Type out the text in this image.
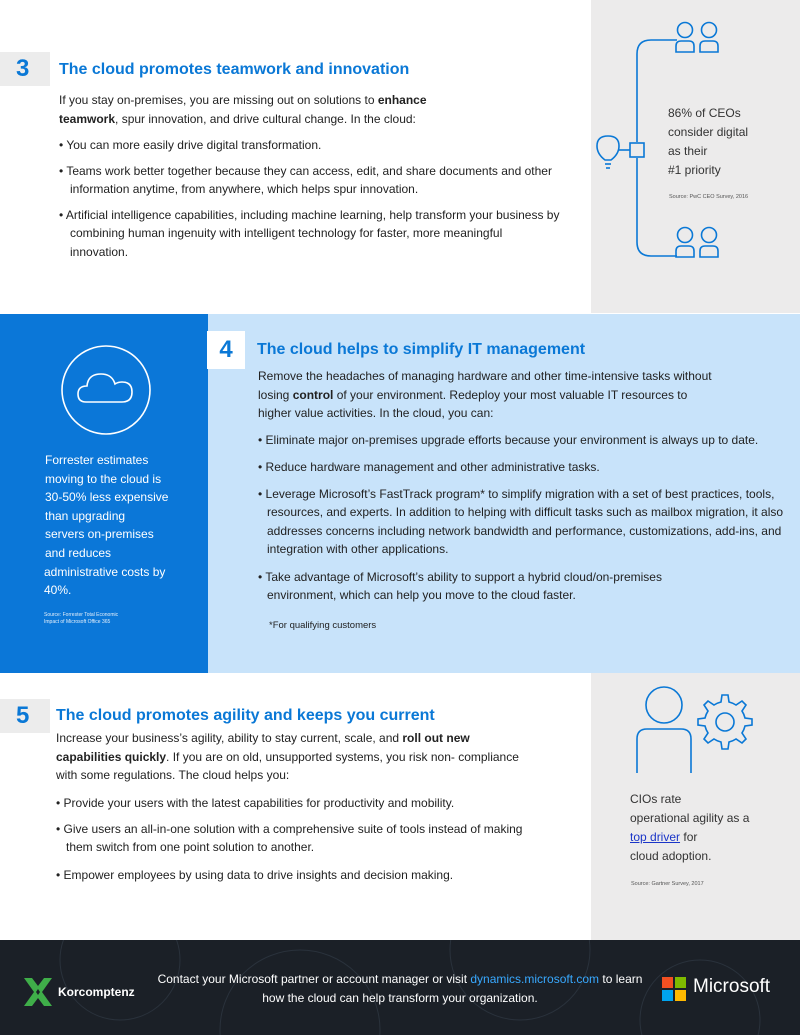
3	The cloud promotes teamwork and innovation
If you stay on-premises, you are missing out on solutions to enhance
teamwork, spur innovation, and drive cultural change. In the cloud:
• You can more easily drive digital transformation.
• Teams work better together because they can access, edit, and share documents and other
information anytime, from anywhere, which helps spur innovation.
• Artificial intelligence capabilities, including machine learning, help transform your business by
combining human ingenuity with intelligent technology for faster, more meaningful
innovation.
86% of CEOs
consider digital
as their
#1 priority
Source: PwC CEO Survey, 2016
Forrester estimates
moving to the cloud is
30-50% less expensive
than upgrading
servers on-premises
and reduces
administrative costs by
40%.
Source: Forrester Total Economic
Impact of Microsoft Office 365
4	The cloud helps to simplify IT management
Remove the headaches of managing hardware and other time-intensive tasks without
losing control of your environment. Redeploy your most valuable IT resources to
higher value activities. In the cloud, you can:
• Eliminate major on-premises upgrade efforts because your environment is always up to date.
• Reduce hardware management and other administrative tasks.
• Leverage Microsoft’s FastTrack program* to simplify migration with a set of best practices, tools,
resources, and experts. In addition to helping with difficult tasks such as mailbox migration, it also
addresses concerns including network bandwidth and performance, customizations, add-ins, and
integration with other applications.
• Take advantage of Microsoft’s ability to support a hybrid cloud/on-premises
environment, which can help you move to the cloud faster.
*For qualifying customers
5	The cloud promotes agility and keeps you current
Increase your business’s agility, ability to stay current, scale, and roll out new
capabilities quickly. If you are on old, unsupported systems, you risk non- compliance
with some regulations. The cloud helps you:
• Provide your users with the latest capabilities for productivity and mobility.
• Give users an all-in-one solution with a comprehensive suite of tools instead of making
them switch from one point solution to another.
• Empower employees by using data to drive insights and decision making.
CIOs rate
operational agility as a
top driver for
cloud adoption.
Source: Gartner Survey, 2017
Korcomptenz
Contact your Microsoft partner or account manager or visit dynamics.microsoft.com to learn
how the cloud can help transform your organization.
Microsoft
